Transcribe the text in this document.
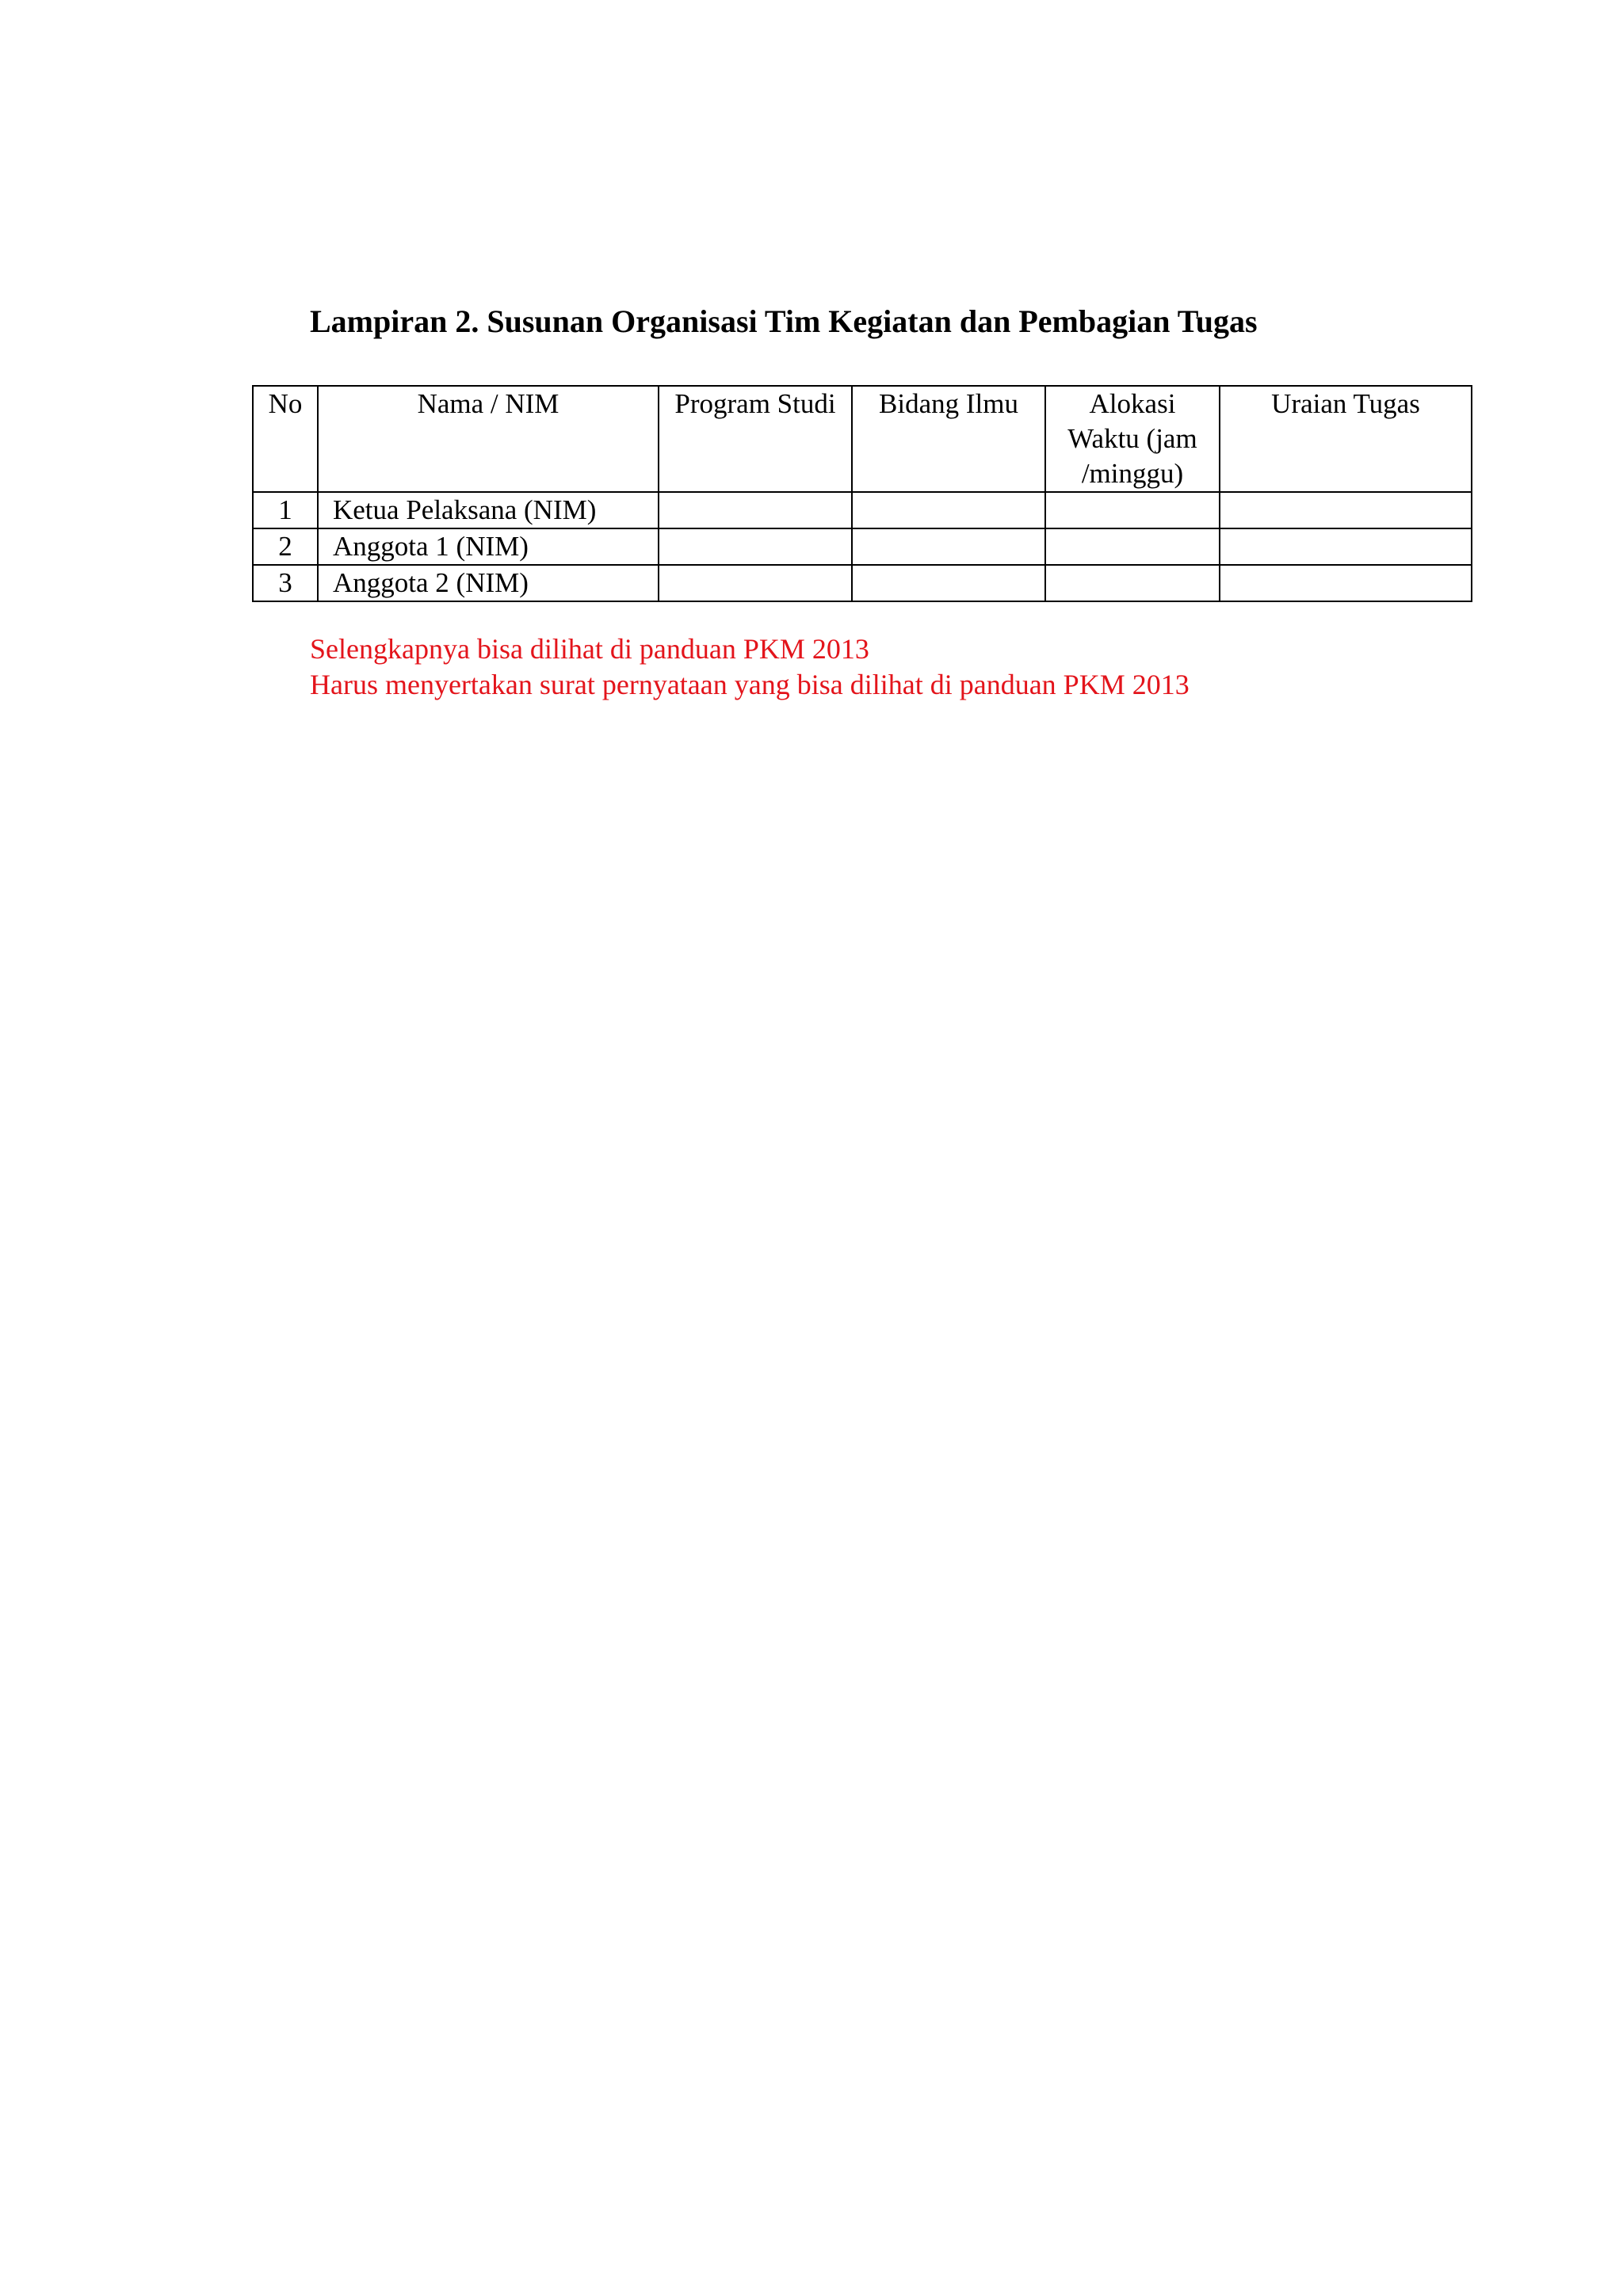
Lampiran 2. Susunan Organisasi Tim Kegiatan dan Pembagian Tugas
No	Nama / NIM	Program Studi	Bidang Ilmu	Alokasi Waktu (jam /minggu)	Uraian Tugas
1	Ketua Pelaksana (NIM)				
2	Anggota 1 (NIM)				
3	Anggota 2 (NIM)				
Selengkapnya bisa dilihat di panduan PKM 2013
Harus menyertakan surat pernyataan yang bisa dilihat di panduan PKM 2013
